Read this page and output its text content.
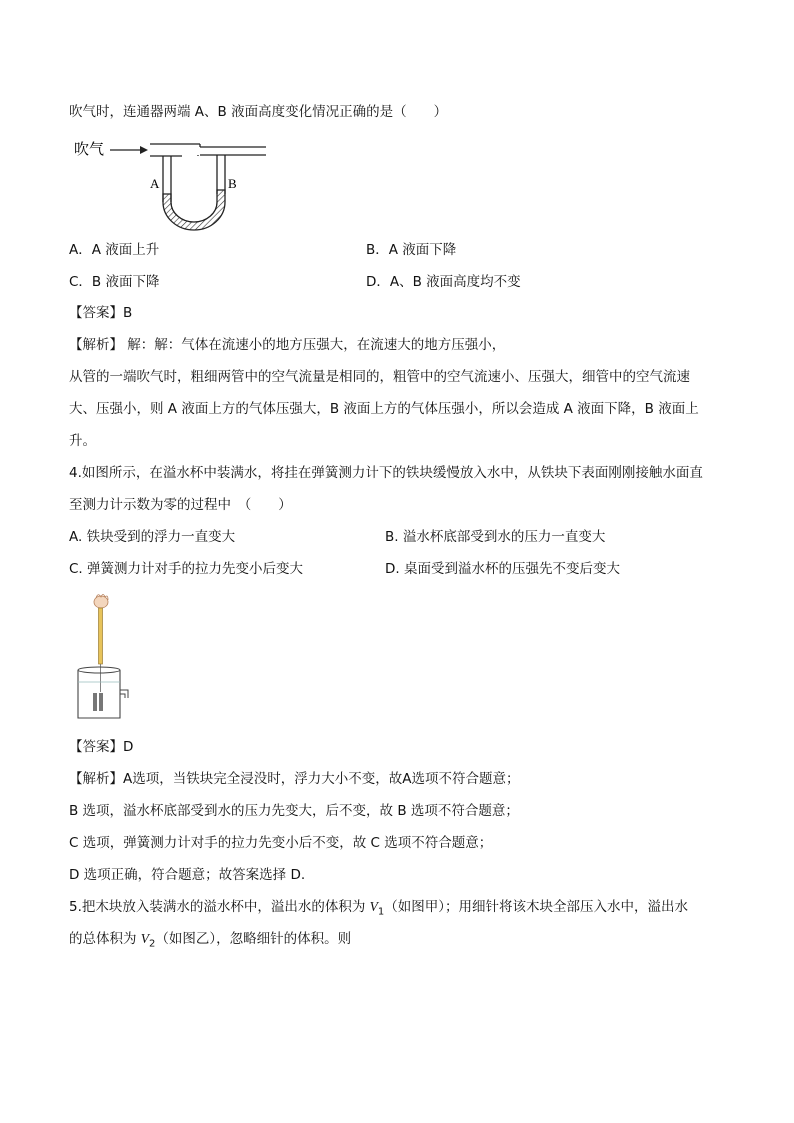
吹气时，连通器两端 A、B 液面高度变化情况正确的是（　　）
吹气
A	B
A．A 液面上升	B．A 液面下降
C．B 液面下降	D．A、B 液面高度均不变
【答案】B
【解析】 解：解：气体在流速小的地方压强大，在流速大的地方压强小，
从管的一端吹气时，粗细两管中的空气流量是相同的，粗管中的空气流速小、压强大，细管中的空气流速
大、压强小，则 A 液面上方的气体压强大，B 液面上方的气体压强小，所以会造成 A 液面下降，B 液面上
升。
4.如图所示，在溢水杯中装满水，将挂在弹簧测力计下的铁块缓慢放入水中，从铁块下表面刚刚接触水面直
至测力计示数为零的过程中　（　　）
A. 铁块受到的浮力一直变大	B. 溢水杯底部受到水的压力一直变大
C. 弹簧测力计对手的拉力先变小后变大	D. 桌面受到溢水杯的压强先不变后变大
【答案】D
【解析】A选项，当铁块完全浸没时，浮力大小不变，故A选项不符合题意；
B 选项，溢水杯底部受到水的压力先变大，后不变，故 B 选项不符合题意；
C 选项，弹簧测力计对手的拉力先变小后不变，故 C 选项不符合题意；
D 选项正确，符合题意；故答案选择 D.
5.把木块放入装满水的溢水杯中，溢出水的体积为 $V_1$（如图甲）；用细针将该木块全部压入水中，溢出水
的总体积为 $V_2$（如图乙），忽略细针的体积。则
